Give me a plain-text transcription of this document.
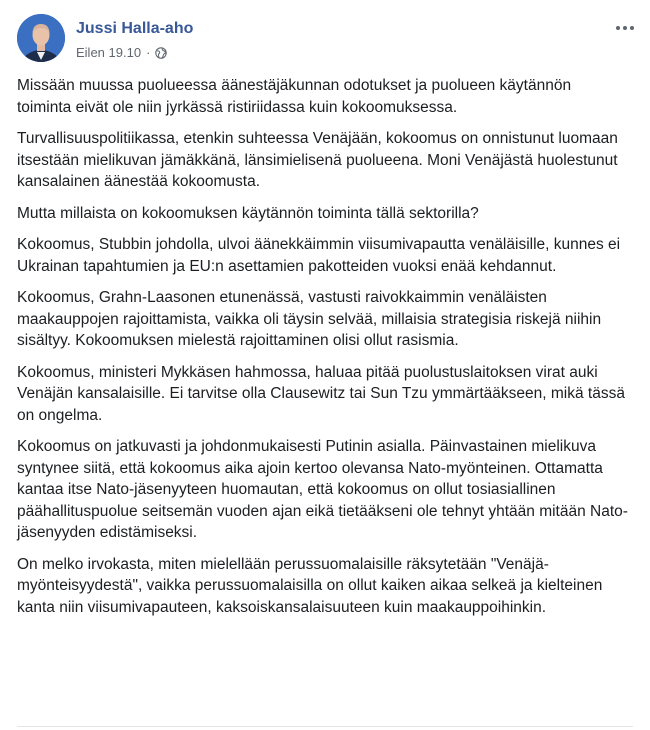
Jussi Halla-aho
Eilen 19.10 ·

Missään muussa puolueessa äänestäjäkunnan odotukset ja puolueen käytännön toiminta eivät ole niin jyrkässä ristiriidassa kuin kokoomuksessa.

Turvallisuuspolitiikassa, etenkin suhteessa Venäjään, kokoomus on onnistunut luomaan itsestään mielikuvan jämäkkänä, länsimielisenä puolueena. Moni Venäjästä huolestunut kansalainen äänestää kokoomusta.

Mutta millaista on kokoomuksen käytännön toiminta tällä sektorilla?

Kokoomus, Stubbin johdolla, ulvoi äänekkäimmin viisumivapautta venäläisille, kunnes ei Ukrainan tapahtumien ja EU:n asettamien pakotteiden vuoksi enää kehdannut.

Kokoomus, Grahn-Laasonen etunenässä, vastusti raivokkaimmin venäläisten maakauppojen rajoittamista, vaikka oli täysin selvää, millaisia strategisia riskejä niihin sisältyy. Kokoomuksen mielestä rajoittaminen olisi ollut rasismia.

Kokoomus, ministeri Mykkäsen hahmossa, haluaa pitää puolustuslaitoksen virat auki Venäjän kansalaisille. Ei tarvitse olla Clausewitz tai Sun Tzu ymmärtääkseen, mikä tässä on ongelma.

Kokoomus on jatkuvasti ja johdonmukaisesti Putinin asialla. Päinvastainen mielikuva syntynee siitä, että kokoomus aika ajoin kertoo olevansa Nato-myönteinen. Ottamatta kantaa itse Nato-jäsenyyteen huomautan, että kokoomus on ollut tosiasiallinen päähallituspuolue seitsemän vuoden ajan eikä tietääkseni ole tehnyt yhtään mitään Nato-jäsenyyden edistämiseksi.

On melko irvokasta, miten mielellään perussuomalaisille räksytetään "Venäjä-myönteisyydestä", vaikka perussuomalaisilla on ollut kaiken aikaa selkeä ja kielteinen kanta niin viisumivapauteen, kaksoiskansalaisuuteen kuin maakauppoihinkin.
